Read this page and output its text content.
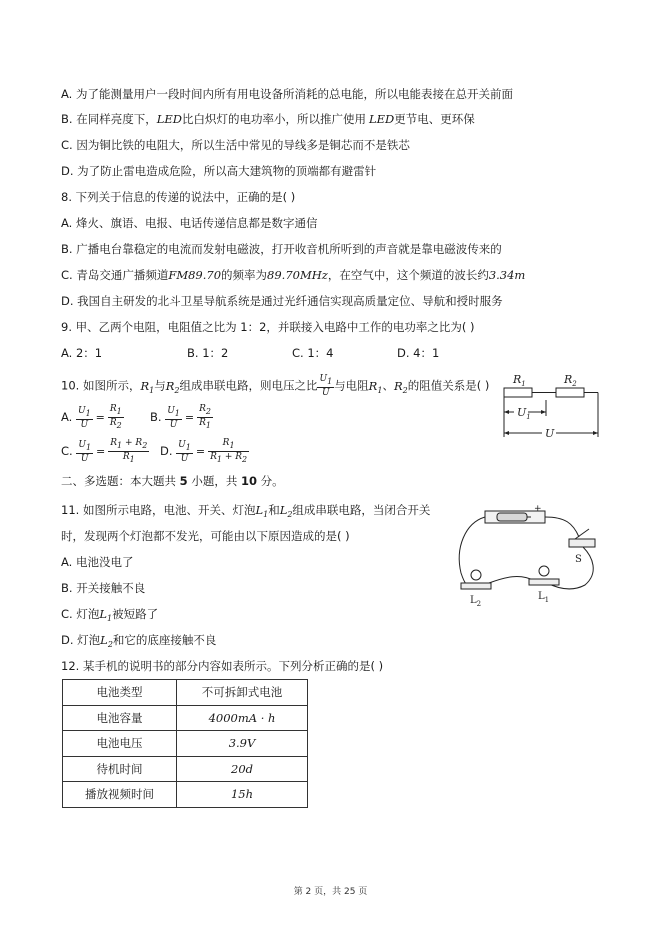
A. 为了能测量用户一段时间内所有用电设备所消耗的总电能，所以电能表接在总开关前面
B. 在同样亮度下，LED比白炽灯的电功率小，所以推广使用 LED更节电、更环保
C. 因为铜比铁的电阻大，所以生活中常见的导线多是铜芯而不是铁芯
D. 为了防止雷电造成危险，所以高大建筑物的顶端都有避雷针
8. 下列关于信息的传递的说法中，正确的是( )
A. 烽火、旗语、电报、电话传递信息都是数字通信
B. 广播电台靠稳定的电流而发射电磁波，打开收音机所听到的声音就是靠电磁波传来的
C. 青岛交通广播频道FM89.70的频率为89.70MHz，在空气中，这个频道的波长约3.34m
D. 我国自主研发的北斗卫星导航系统是通过光纤通信实现高质量定位、导航和授时服务
9. 甲、乙两个电阻，电阻值之比为 1：2，并联接入电路中工作的电功率之比为( )
A. 2：1	B. 1：2	C. 1：4	D. 4：1
10. 如图所示，$R_1$与$R_2$组成串联电路，则电压之比 $\frac{U1}{U}$ 与电阻$R_1$、$R_2$的阻值关系是( )
A. $\frac{U1}{U} = \frac{R1}{R2} B$. $\frac{U1}{U} = \frac{R2}{R1}$
C. $\frac{U1}{U} = \frac{R1 + R2}{R1} D$. $\frac{U1}{U} = \frac{R1}{R1 + R2}$
$R_1$	$R_2$
$U_1$
U
二、多选题：本大题共 5 小题，共 10 分。
11. 如图所示电路，电池、开关、灯泡$L_1$和$L_2$组成串联电路，当闭合开关
时，发现两个灯泡都不发光，可能由以下原因造成的是( )
A. 电池没电了
B. 开关接触不良
C. 灯泡$L_1$被短路了
D. 灯泡$L_2$和它的底座接触不良
+
S
$L_2$
$L_1$
12. 某手机的说明书的部分内容如表所示。下列分析正确的是( )
电池类型	不可拆卸式电池
电池容量	4000mA · h
电池电压	3.9V
待机时间	20d
播放视频时间	15h
第 2 页，共 25 页
